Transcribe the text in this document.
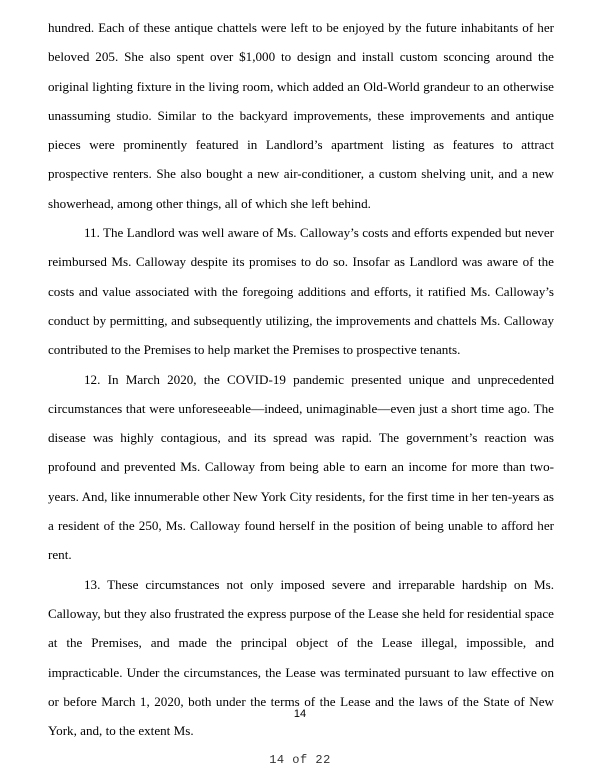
hundred. Each of these antique chattels were left to be enjoyed by the future inhabitants of her beloved 205. She also spent over $1,000 to design and install custom sconcing around the original lighting fixture in the living room, which added an Old-World grandeur to an otherwise unassuming studio. Similar to the backyard improvements, these improvements and antique pieces were prominently featured in Landlord’s apartment listing as features to attract prospective renters. She also bought a new air-conditioner, a custom shelving unit, and a new showerhead, among other things, all of which she left behind.

11. The Landlord was well aware of Ms. Calloway’s costs and efforts expended but never reimbursed Ms. Calloway despite its promises to do so. Insofar as Landlord was aware of the costs and value associated with the foregoing additions and efforts, it ratified Ms. Calloway’s conduct by permitting, and subsequently utilizing, the improvements and chattels Ms. Calloway contributed to the Premises to help market the Premises to prospective tenants.

12. In March 2020, the COVID-19 pandemic presented unique and unprecedented circumstances that were unforeseeable—indeed, unimaginable—even just a short time ago. The disease was highly contagious, and its spread was rapid. The government’s reaction was profound and prevented Ms. Calloway from being able to earn an income for more than two-years. And, like innumerable other New York City residents, for the first time in her ten-years as a resident of the 250, Ms. Calloway found herself in the position of being unable to afford her rent.

13. These circumstances not only imposed severe and irreparable hardship on Ms. Calloway, but they also frustrated the express purpose of the Lease she held for residential space at the Premises, and made the principal object of the Lease illegal, impossible, and impracticable. Under the circumstances, the Lease was terminated pursuant to law effective on or before March 1, 2020, both under the terms of the Lease and the laws of the State of New York, and, to the extent Ms.

14
14 of 22
